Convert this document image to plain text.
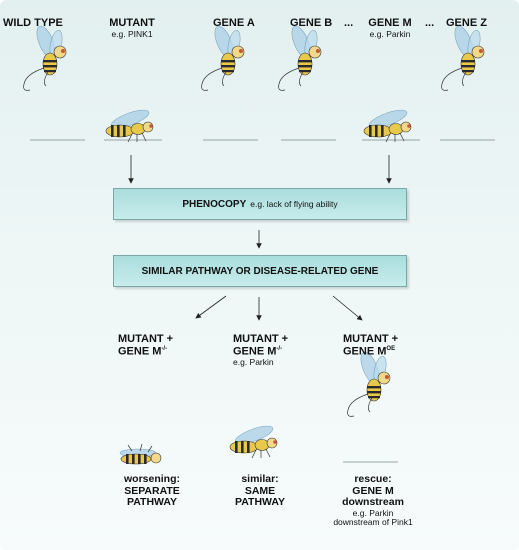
WILD TYPE	MUTANT
e.g. PINK1
GENE A	GENE B ... GENE M
e.g. Parkin
... GENE Z
PHENOCOPY e.g. lack of flying ability
SIMILAR PATHWAY OR DISEASE-RELATED GENE
MUTANT +
GENE M-/-
MUTANT +
GENE M-/-
e.g. Parkin
MUTANT +
GENE $M^{OE}$
worsening:
SEPARATE
PATHWAY
similar:
SAME
PATHWAY
rescue:
GENE M
downstream
e.g. Parkin
downstream of Pink1
